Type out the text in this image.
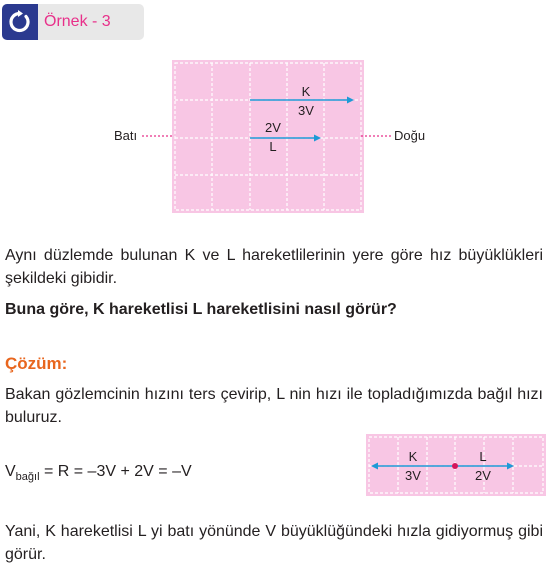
Örnek - 3
K
3V
2V
L
Batı	Doğu

Aynı düzlemde bulunan K ve L hareketlilerinin yere göre hız büyüklükleri şekildeki gibidir.

Buna göre, K hareketlisi L hareketlisini nasıl görür?

Çözüm:

Bakan gözlemcinin hızını ters çevirip, L nin hızı ile topladığımızda bağıl hızı buluruz.

$V_{bağıl} = R = -3V + 2V = -V$
K
3V
L
2V

Yani, K hareketlisi L yi batı yönünde V büyüklüğündeki hızla gidiyormuş gibi görür.
